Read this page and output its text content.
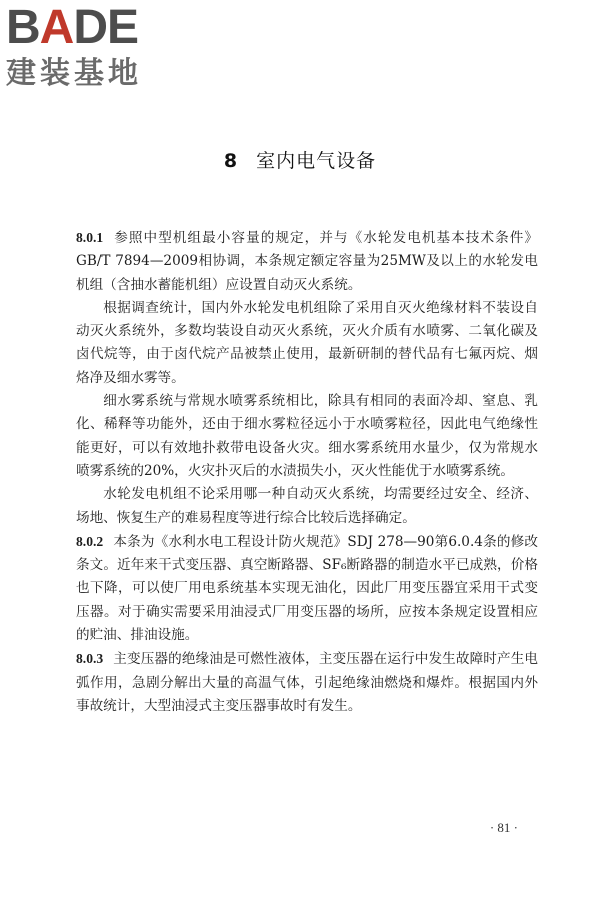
BADE
建装基地
8 室内电气设备

8.0.1 参照中型机组最小容量的规定，并与《水轮发电机基本技术条件》GB/T 7894—2009相协调，本条规定额定容量为25MW及以上的水轮发电机组（含抽水蓄能机组）应设置自动灭火系统。

根据调查统计，国内外水轮发电机组除了采用自灭火绝缘材料不装设自动灭火系统外，多数均装设自动灭火系统，灭火介质有水喷雾、二氧化碳及卤代烷等，由于卤代烷产品被禁止使用，最新研制的替代品有七氟丙烷、烟烙净及细水雾等。

细水雾系统与常规水喷雾系统相比，除具有相同的表面冷却、窒息、乳化、稀释等功能外，还由于细水雾粒径远小于水喷雾粒径，因此电气绝缘性能更好，可以有效地扑救带电设备火灾。细水雾系统用水量少，仅为常规水喷雾系统的20%，火灾扑灭后的水渍损失小，灭火性能优于水喷雾系统。

水轮发电机组不论采用哪一种自动灭火系统，均需要经过安全、经济、场地、恢复生产的难易程度等进行综合比较后选择确定。

8.0.2 本条为《水利水电工程设计防火规范》SDJ 278—90第6.0.4条的修改条文。近年来干式变压器、真空断路器、SF₆断路器的制造水平已成熟，价格也下降，可以使厂用电系统基本实现无油化，因此厂用变压器宜采用干式变压器。对于确实需要采用油浸式厂用变压器的场所，应按本条规定设置相应的贮油、排油设施。

8.0.3 主变压器的绝缘油是可燃性液体，主变压器在运行中发生故障时产生电弧作用，急剧分解出大量的高温气体，引起绝缘油燃烧和爆炸。根据国内外事故统计，大型油浸式主变压器事故时有发生。

· 81 ·
